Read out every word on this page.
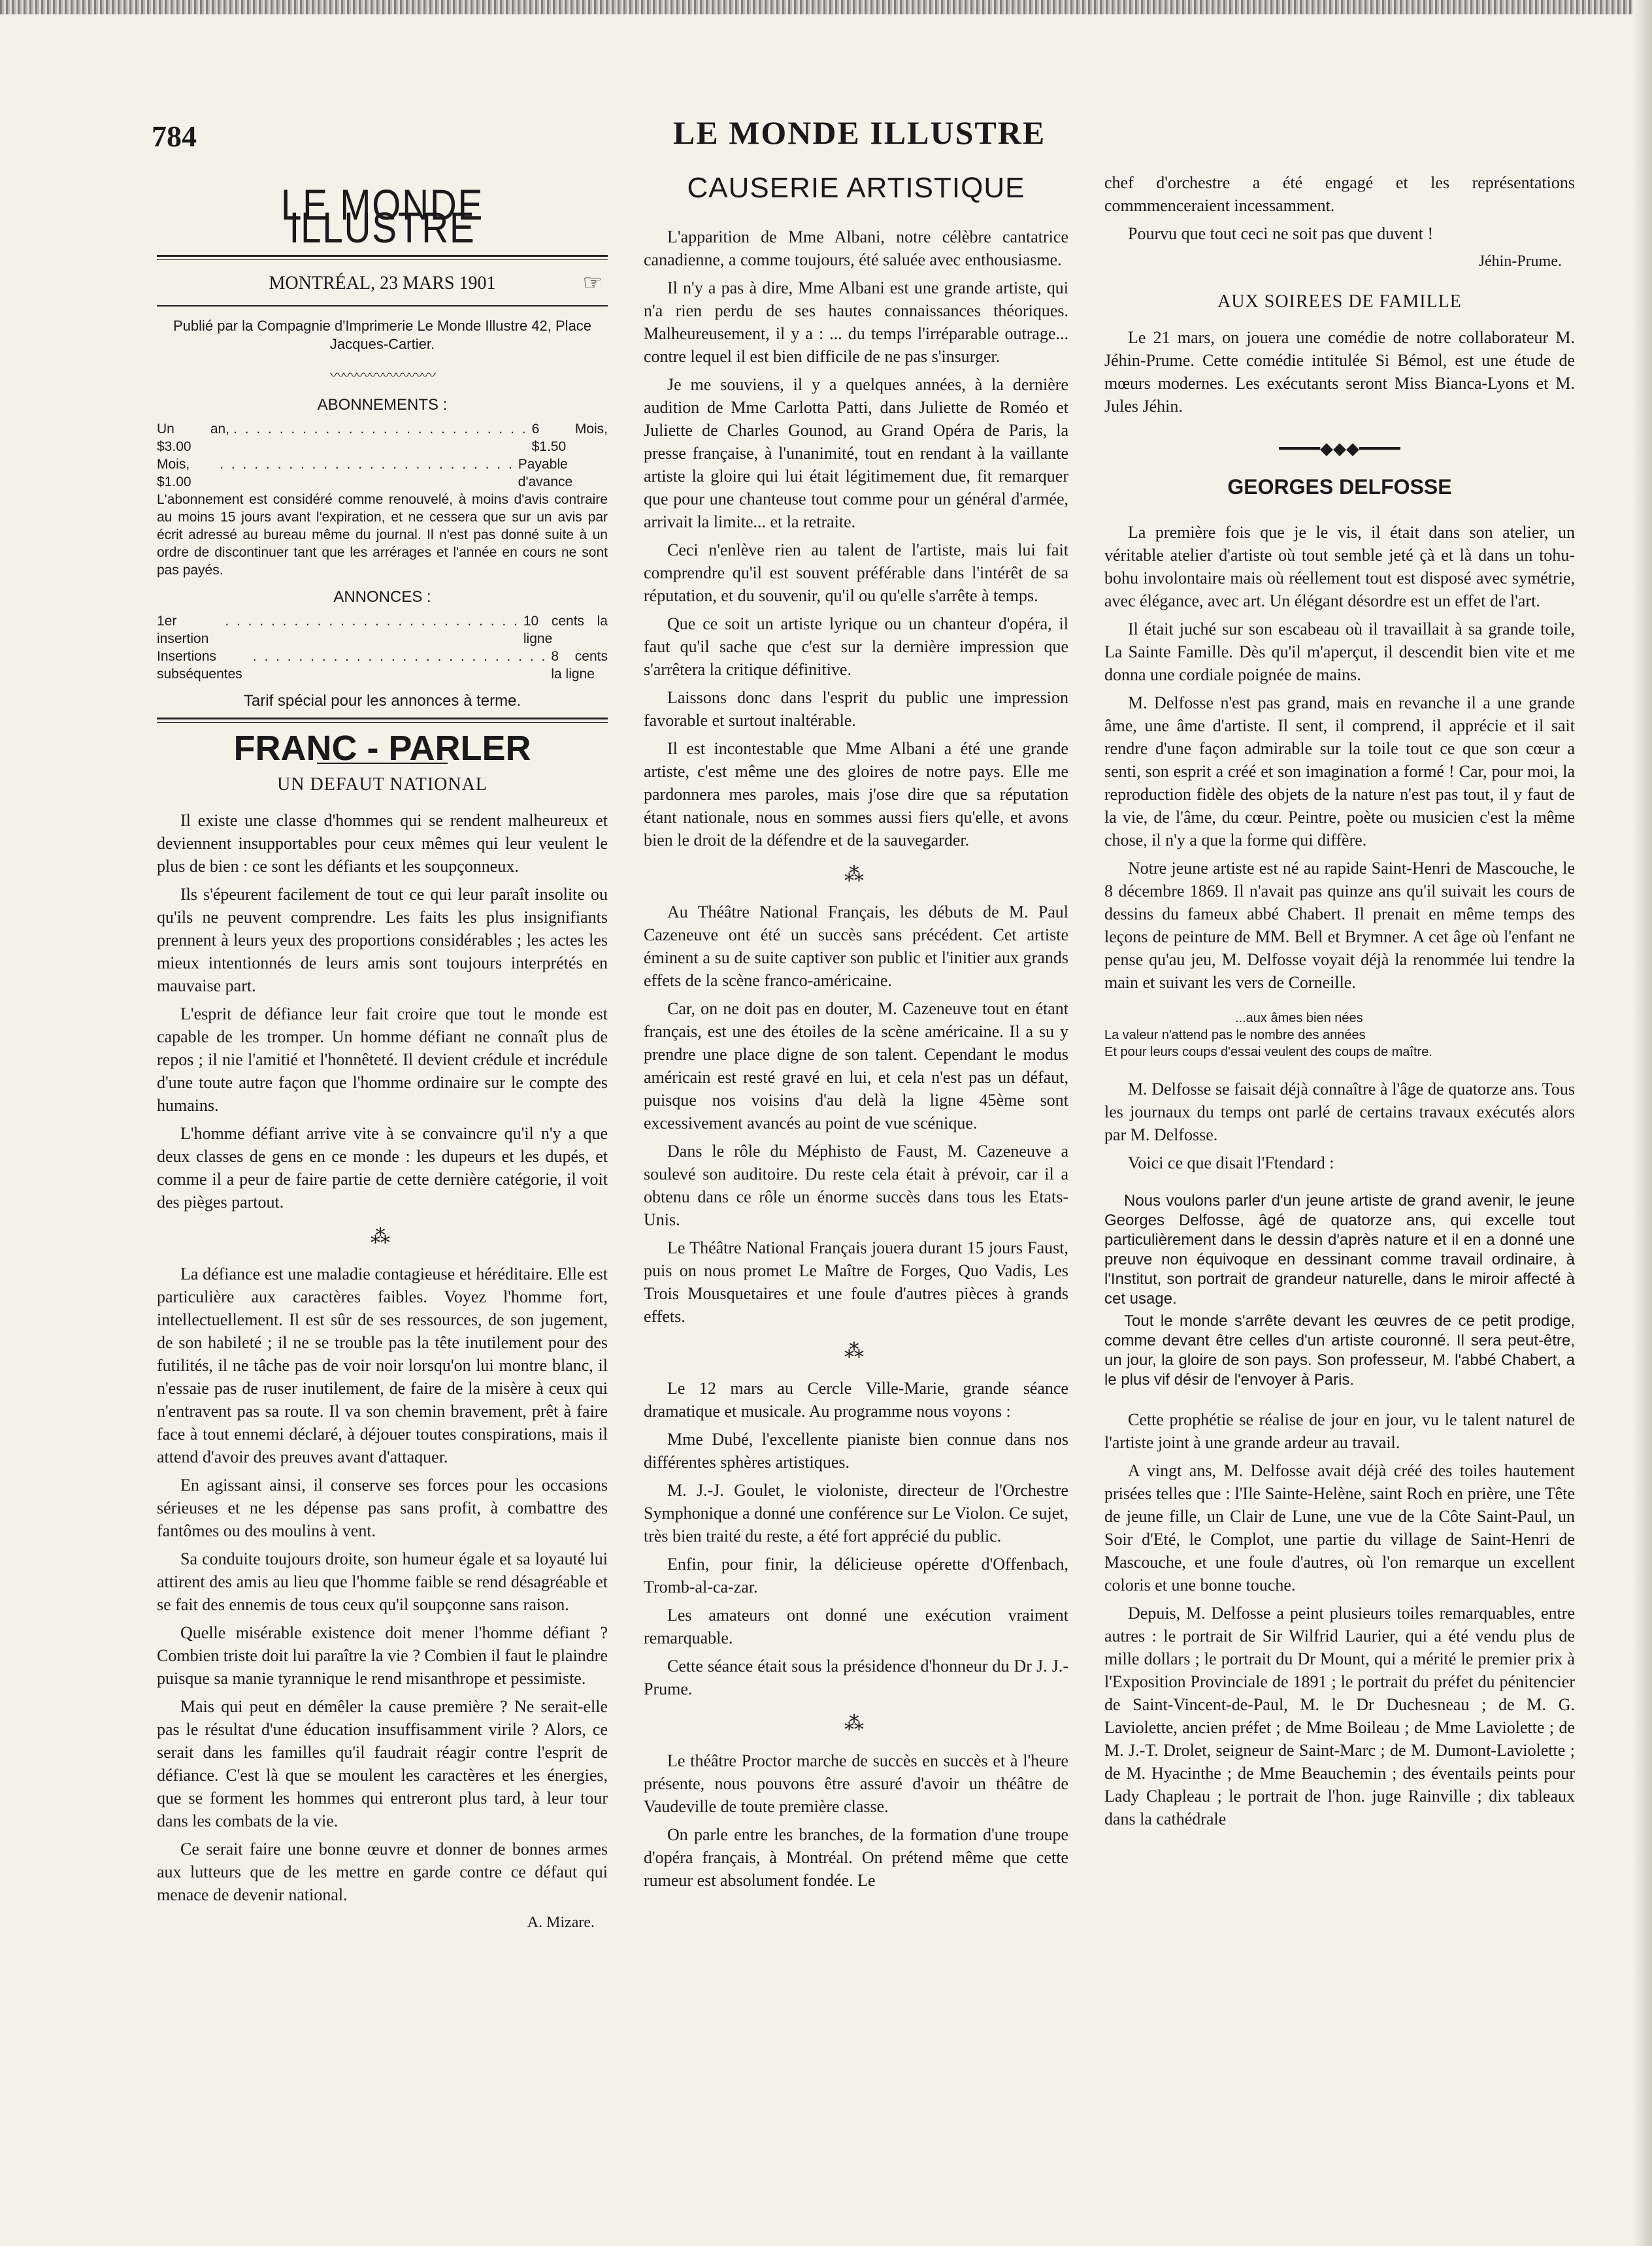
784	LE MONDE ILLUSTRE
LE MONDE ILLUSTRE
MONTRÉAL, 23 MARS 1901	☞
Publié par la Compagnie d'Imprimerie Le Monde Illustre 42, Place Jacques-Cartier.
〰〰〰〰〰〰〰〰
ABONNEMENTS :
Un an, $3.00
. . . . . . . . . . . . . . . . . . . . . . . . . . 6 Mois, $1.50
Mois, $1.00
. . . . . . . . . . . . . . . . . . . . . . . . . . Payable d'avance
L'abonnement est considéré comme renouvelé, à moins d'avis contraire au moins 15 jours avant l'expiration, et ne cessera que sur un avis par écrit adressé au bureau même du journal. Il n'est pas donné suite à un ordre de discontinuer tant que les arrérages et l'année en cours ne sont pas payés.
ANNONCES :
1er insertion
. . . . . . . . . . . . . . . . . . . . . . . . . . 10 cents la ligne
Insertions subséquentes
. . . . . . . . . . . . . . . . . . . . . . . . . . 8 cents la ligne
Tarif spécial pour les annonces à terme.
FRANC - PARLER
UN DEFAUT NATIONAL

Il existe une classe d'hommes qui se rendent malheureux et deviennent insupportables pour ceux mêmes qui leur veulent le plus de bien : ce sont les défiants et les soupçonneux.

Ils s'épeurent facilement de tout ce qui leur paraît insolite ou qu'ils ne peuvent comprendre. Les faits les plus insignifiants prennent à leurs yeux des proportions considérables ; les actes les mieux intentionnés de leurs amis sont toujours interprétés en mauvaise part.

L'esprit de défiance leur fait croire que tout le monde est capable de les tromper. Un homme défiant ne connaît plus de repos ; il nie l'amitié et l'honnêteté. Il devient crédule et incrédule d'une toute autre façon que l'homme ordinaire sur le compte des humains.

L'homme défiant arrive vite à se convaincre qu'il n'y a que deux classes de gens en ce monde : les dupeurs et les dupés, et comme il a peur de faire partie de cette dernière catégorie, il voit des pièges partout.

⁂

La défiance est une maladie contagieuse et héréditaire. Elle est particulière aux caractères faibles. Voyez l'homme fort, intellectuellement. Il est sûr de ses ressources, de son jugement, de son habileté ; il ne se trouble pas la tête inutilement pour des futilités, il ne tâche pas de voir noir lorsqu'on lui montre blanc, il n'essaie pas de ruser inutilement, de faire de la misère à ceux qui n'entravent pas sa route. Il va son chemin bravement, prêt à faire face à tout ennemi déclaré, à déjouer toutes conspirations, mais il attend d'avoir des preuves avant d'attaquer.

En agissant ainsi, il conserve ses forces pour les occasions sérieuses et ne les dépense pas sans profit, à combattre des fantômes ou des moulins à vent.

Sa conduite toujours droite, son humeur égale et sa loyauté lui attirent des amis au lieu que l'homme faible se rend désagréable et se fait des ennemis de tous ceux qu'il soupçonne sans raison.

Quelle misérable existence doit mener l'homme défiant ? Combien triste doit lui paraître la vie ? Combien il faut le plaindre puisque sa manie tyrannique le rend misanthrope et pessimiste.

Mais qui peut en démêler la cause première ? Ne serait-elle pas le résultat d'une éducation insuffisamment virile ? Alors, ce serait dans les familles qu'il faudrait réagir contre l'esprit de défiance. C'est là que se moulent les caractères et les énergies, que se forment les hommes qui entreront plus tard, à leur tour dans les combats de la vie.

Ce serait faire une bonne œuvre et donner de bonnes armes aux lutteurs que de les mettre en garde contre ce défaut qui menace de devenir national.

A. Mizare.
CAUSERIE ARTISTIQUE

L'apparition de Mme Albani, notre célèbre cantatrice canadienne, a comme toujours, été saluée avec enthousiasme.

Il n'y a pas à dire, Mme Albani est une grande artiste, qui n'a rien perdu de ses hautes connaissances théoriques. Malheureusement, il y a : ... du temps l'irréparable outrage... contre lequel il est bien difficile de ne pas s'insurger.

Je me souviens, il y a quelques années, à la dernière audition de Mme Carlotta Patti, dans Juliette de Roméo et Juliette de Charles Gounod, au Grand Opéra de Paris, la presse française, à l'unanimité, tout en rendant à la vaillante artiste la gloire qui lui était légitimement due, fit remarquer que pour une chanteuse tout comme pour un général d'armée, arrivait la limite... et la retraite.

Ceci n'enlève rien au talent de l'artiste, mais lui fait comprendre qu'il est souvent préférable dans l'intérêt de sa réputation, et du souvenir, qu'il ou qu'elle s'arrête à temps.

Que ce soit un artiste lyrique ou un chanteur d'opéra, il faut qu'il sache que c'est sur la dernière impression que s'arrêtera la critique définitive.

Laissons donc dans l'esprit du public une impression favorable et surtout inaltérable.

Il est incontestable que Mme Albani a été une grande artiste, c'est même une des gloires de notre pays. Elle me pardonnera mes paroles, mais j'ose dire que sa réputation étant nationale, nous en sommes aussi fiers qu'elle, et avons bien le droit de la défendre et de la sauvegarder.

⁂

Au Théâtre National Français, les débuts de M. Paul Cazeneuve ont été un succès sans précédent. Cet artiste éminent a su de suite captiver son public et l'initier aux grands effets de la scène franco-américaine.

Car, on ne doit pas en douter, M. Cazeneuve tout en étant français, est une des étoiles de la scène américaine. Il a su y prendre une place digne de son talent. Cependant le modus américain est resté gravé en lui, et cela n'est pas un défaut, puisque nos voisins d'au delà la ligne 45ème sont excessivement avancés au point de vue scénique.

Dans le rôle du Méphisto de Faust, M. Cazeneuve a soulevé son auditoire. Du reste cela était à prévoir, car il a obtenu dans ce rôle un énorme succès dans tous les Etats-Unis.

Le Théâtre National Français jouera durant 15 jours Faust, puis on nous promet Le Maître de Forges, Quo Vadis, Les Trois Mousquetaires et une foule d'autres pièces à grands effets.

⁂

Le 12 mars au Cercle Ville-Marie, grande séance dramatique et musicale. Au programme nous voyons :

Mme Dubé, l'excellente pianiste bien connue dans nos différentes sphères artistiques.

M. J.-J. Goulet, le violoniste, directeur de l'Orchestre Symphonique a donné une conférence sur Le Violon. Ce sujet, très bien traité du reste, a été fort apprécié du public.

Enfin, pour finir, la délicieuse opérette d'Offenbach, Tromb-al-ca-zar.

Les amateurs ont donné une exécution vraiment remarquable.

Cette séance était sous la présidence d'honneur du Dr J. J.-Prume.

⁂

Le théâtre Proctor marche de succès en succès et à l'heure présente, nous pouvons être assuré d'avoir un théâtre de Vaudeville de toute première classe.

On parle entre les branches, de la formation d'une troupe d'opéra français, à Montréal. On prétend même que cette rumeur est absolument fondée. Le

chef d'orchestre a été engagé et les représentations commmenceraient incessamment.

Pourvu que tout ceci ne soit pas que duvent !

Jéhin-Prume.
AUX SOIREES DE FAMILLE

Le 21 mars, on jouera une comédie de notre collaborateur M. Jéhin-Prume. Cette comédie intitulée Si Bémol, est une étude de mœurs modernes. Les exécutants seront Miss Bianca-Lyons et M. Jules Jéhin.

━━━━◆◆◆━━━━
GEORGES DELFOSSE

La première fois que je le vis, il était dans son atelier, un véritable atelier d'artiste où tout semble jeté çà et là dans un tohu-bohu involontaire mais où réellement tout est disposé avec symétrie, avec élégance, avec art. Un élégant désordre est un effet de l'art.

Il était juché sur son escabeau où il travaillait à sa grande toile, La Sainte Famille. Dès qu'il m'aperçut, il descendit bien vite et me donna une cordiale poignée de mains.

M. Delfosse n'est pas grand, mais en revanche il a une grande âme, une âme d'artiste. Il sent, il comprend, il apprécie et il sait rendre d'une façon admirable sur la toile tout ce que son cœur a senti, son esprit a créé et son imagination a formé ! Car, pour moi, la reproduction fidèle des objets de la nature n'est pas tout, il y faut de la vie, de l'âme, du cœur. Peintre, poète ou musicien c'est la même chose, il n'y a que la forme qui diffère.

Notre jeune artiste est né au rapide Saint-Henri de Mascouche, le 8 décembre 1869. Il n'avait pas quinze ans qu'il suivait les cours de dessins du fameux abbé Chabert. Il prenait en même temps des leçons de peinture de MM. Bell et Brymner. A cet âge où l'enfant ne pense qu'au jeu, M. Delfosse voyait déjà la renommée lui tendre la main et suivant les vers de Corneille.

...aux âmes bien nées
La valeur n'attend pas le nombre des années
Et pour leurs coups d'essai veulent des coups de maître.

M. Delfosse se faisait déjà connaître à l'âge de quatorze ans. Tous les journaux du temps ont parlé de certains travaux exécutés alors par M. Delfosse.

Voici ce que disait l'Ftendard :

Nous voulons parler d'un jeune artiste de grand avenir, le jeune Georges Delfosse, âgé de quatorze ans, qui excelle tout particulièrement dans le dessin d'après nature et il en a donné une preuve non équivoque en dessinant comme travail ordinaire, à l'Institut, son portrait de grandeur naturelle, dans le miroir affecté à cet usage.

Tout le monde s'arrête devant les œuvres de ce petit prodige, comme devant être celles d'un artiste couronné. Il sera peut-être, un jour, la gloire de son pays. Son professeur, M. l'abbé Chabert, a le plus vif désir de l'envoyer à Paris.

Cette prophétie se réalise de jour en jour, vu le talent naturel de l'artiste joint à une grande ardeur au travail.

A vingt ans, M. Delfosse avait déjà créé des toiles hautement prisées telles que : l'Ile Sainte-Helène, saint Roch en prière, une Tête de jeune fille, un Clair de Lune, une vue de la Côte Saint-Paul, un Soir d'Eté, le Complot, une partie du village de Saint-Henri de Mascouche, et une foule d'autres, où l'on remarque un excellent coloris et une bonne touche.

Depuis, M. Delfosse a peint plusieurs toiles remarquables, entre autres : le portrait de Sir Wilfrid Laurier, qui a été vendu plus de mille dollars ; le portrait du Dr Mount, qui a mérité le premier prix à l'Exposition Provinciale de 1891 ; le portrait du préfet du pénitencier de Saint-Vincent-de-Paul, M. le Dr Duchesneau ; de M. G. Laviolette, ancien préfet ; de Mme Boileau ; de Mme Laviolette ; de M. J.-T. Drolet, seigneur de Saint-Marc ; de M. Dumont-Laviolette ; de M. Hyacinthe ; de Mme Beauchemin ; des éventails peints pour Lady Chapleau ; le portrait de l'hon. juge Rainville ; dix tableaux dans la cathédrale
